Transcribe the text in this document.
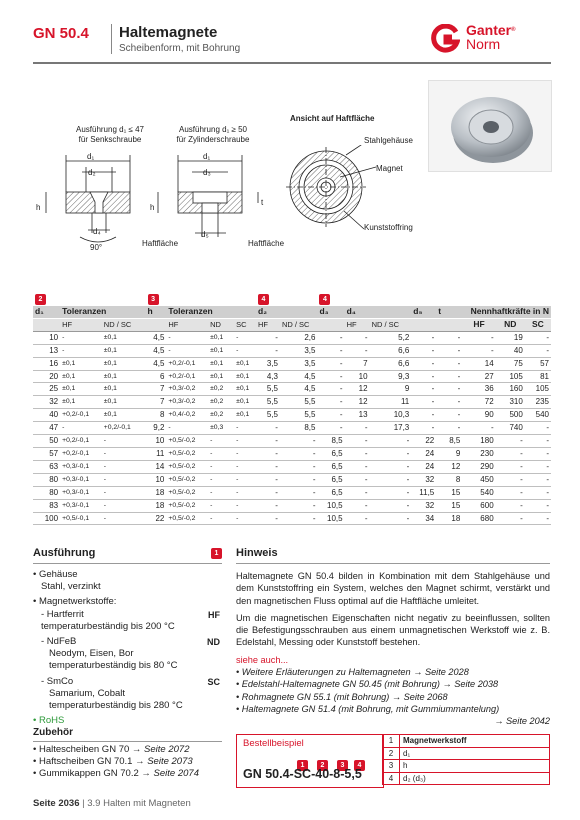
GN 50.4 Haltemagnete
Scheibenform, mit Bohrung
Ganter®
Norm
Ausführung d₁ ≤ 47
für Senkschraube
Ausführung d₁ ≥ 50
für Zylinderschraube
Ansicht auf Haftfläche
d₁
d₂
h
d₄
90°
d₁
d₃
h
t
d₅
Haftfläche	Haftfläche
Stahlgehäuse
Magnet
Kunststoffring
2			3				4		4							
d₁	Toleranzen		h	Toleranzen			d₂		d₃	d₄		d₅	t	Nennhaftkräfte in N		
	HF	ND / SC		HF	ND	SC	HF	ND / SC		HF	ND / SC			HF	ND	SC
10	-	±0,1	4,5	-	±0,1	-	-	2,6	-	-	5,2	-	-	-	19	-
13	-	±0,1	4,5	-	±0,1	-	-	3,5	-	-	6,6	-	-	-	40	-
16	±0,1	±0,1	4,5	+0,2/-0,1	±0,1	±0,1	3,5	3,5	-	7	6,6	-	-	14	75	57
20	±0,1	±0,1	6	+0,2/-0,1	±0,1	±0,1	4,3	4,5	-	10	9,3	-	-	27	105	81
25	±0,1	±0,1	7	+0,3/-0,2	±0,2	±0,1	5,5	4,5	-	12	9	-	-	36	160	105
32	±0,1	±0,1	7	+0,3/-0,2	±0,2	±0,1	5,5	5,5	-	12	11	-	-	72	310	235
40	+0,2/-0,1	±0,1	8	+0,4/-0,2	±0,2	±0,1	5,5	5,5	-	13	10,3	-	-	90	500	540
47	-	+0,2/-0,1	9,2	-	±0,3	-	-	8,5	-	-	17,3	-	-	-	740	-
50	+0,2/-0,1	-	10	+0,5/-0,2	-	-	-	-	8,5	-	-	22	8,5	180	-	-
57	+0,2/-0,1	-	11	+0,5/-0,2	-	-	-	-	6,5	-	-	24	9	230	-	-
63	+0,3/-0,1	-	14	+0,5/-0,2	-	-	-	-	6,5	-	-	24	12	290	-	-
80	+0,3/-0,1	-	10	+0,5/-0,2	-	-	-	-	6,5	-	-	32	8	450	-	-
80	+0,3/-0,1	-	18	+0,5/-0,2	-	-	-	-	6,5	-	-	11,5	15	540	-	-
83	+0,3/-0,1	-	18	+0,5/-0,2	-	-	-	-	10,5	-	-	32	15	600	-	-
100	+0,5/-0,1	-	22	+0,5/-0,2	-	-	-	-	10,5	-	-	34	18	680	-	-
Ausführung	1
• Gehäuse
Stahl, verzinkt
• Magnetwerkstoffe:
- Hartferrit	HF
temperaturbeständig bis 200 °C
- NdFeB	ND
Neodym, Eisen, Bor
temperaturbeständig bis 80 °C
- SmCo	SC
Samarium, Cobalt
temperaturbeständig bis 280 °C
• RoHS
Zubehör
• Haltescheiben GN 70 → Seite 2072
• Haftscheiben GN 70.1 → Seite 2073
• Gummikappen GN 70.2 → Seite 2074
Hinweis
Haltemagnete GN 50.4 bilden in Kombination mit dem Stahlgehäuse und dem Kunststoffring ein System, welches den Magnet schirmt, verstärkt und den magnetischen Fluss optimal auf die Haftfläche umleitet.
Um die magnetischen Eigenschaften nicht negativ zu beeinflussen, sollten die Befestigungsschrauben aus einem unmagnetischen Werkstoff wie z. B. Edelstahl, Messing oder Kunststoff bestehen.
siehe auch...
• Weitere Erläuterungen zu Haltemagneten → Seite 2028
• Edelstahl-Haltemagnete GN 50.45 (mit Bohrung) → Seite 2038
• Rohmagnete GN 55.1 (mit Bohrung) → Seite 2068
• Haltemagnete GN 51.4 (mit Bohrung, mit Gummiummantelung)
→ Seite 2042
Bestellbeispiel
1 2 3 4
GN 50.4-SC-40-8-5,5
1	Magnetwerkstoff
2	d₁
3	h
4	d₂ (d₃)
Seite 2036 | 3.9 Halten mit Magneten
